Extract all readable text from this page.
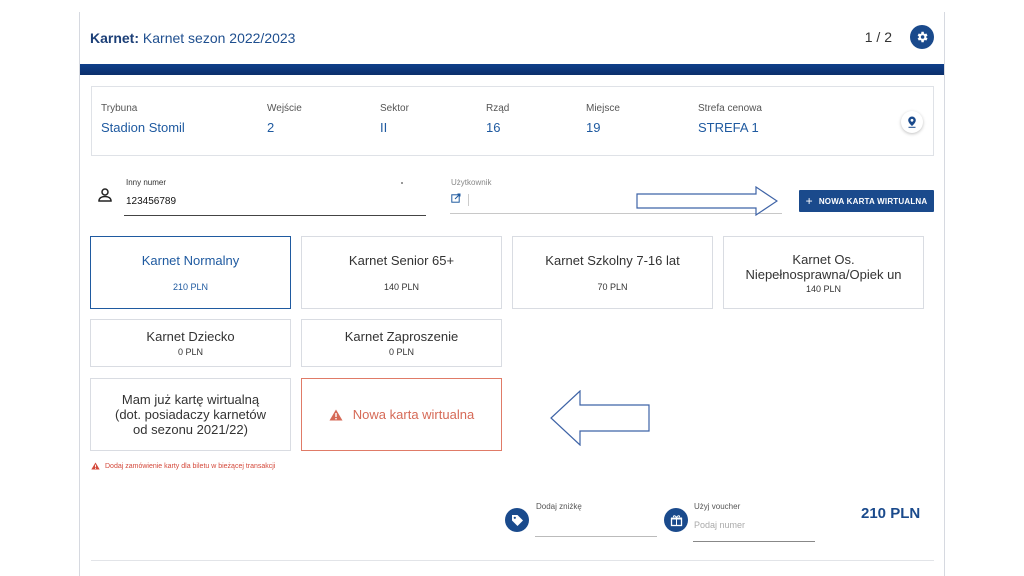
Karnet: Karnet sezon 2022/2023	1 / 2
Trybuna
Stadion Stomil
Wejście
2
Sektor
II
Rząd
16
Miejsce
19
Strefa cenowa
STREFA 1
Inny numer
123456789
Użytkownik
+ NOWA KARTA WIRTUALNA
Karnet Normalny
210 PLN
Karnet Senior 65+
140 PLN
Karnet Szkolny 7-16 lat
70 PLN
Karnet Os. Niepełnosprawna/Opiek un
140 PLN
Karnet Dziecko
0 PLN
Karnet Zaproszenie
0 PLN
Mam już kartę wirtualną (dot. posiadaczy karnetów od sezonu 2021/22)
Nowa karta wirtualna
Dodaj zamówienie karty dla biletu w bieżącej transakcji
Dodaj zniżkę	Użyj voucher
Podaj numer
210 PLN
